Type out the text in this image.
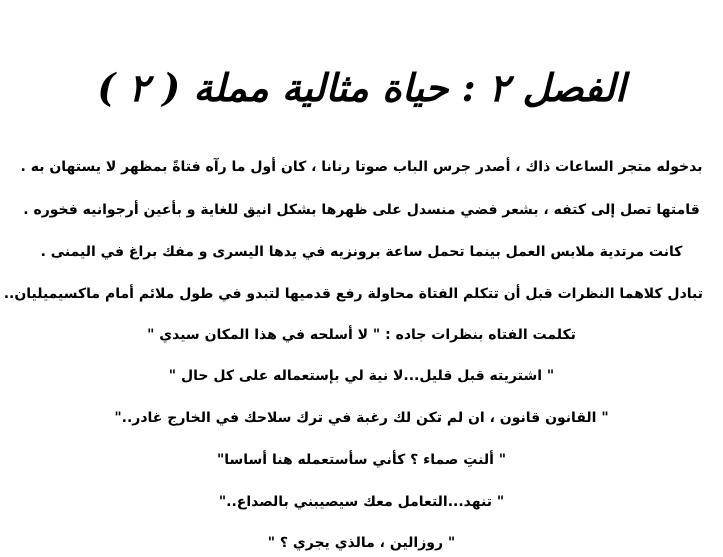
الفصل ٢ : حياة مثالية مملة ( ٢ )
بدخوله متجر الساعات ذاك ، أصدر جرس الباب صوتا رنانا ، كان أول ما رآه فتاةً بمظهر لا يستهان به .
قامتها تصل إلى كتفه ، بشعر فضي منسدل على ظهرها بشكل انيق للغاية و بأعين أرجوانيه فخوره .
كانت مرتدية ملابس العمل بينما تحمل ساعة برونزيه في يدها اليسرى و مفك براغ في اليمنى .
تبادل كلاهما النظرات قبل أن تتكلم الفتاة محاولة رفع قدميها لتبدو في طول ملائم أمام ماكسيميليان..
تكلمت الفتاه بنظرات جاده : " لا أسلحه في هذا المكان سيدي "
" اشتريته قبل قليل...لا نية لي بإستعماله على كل حال "
" القانون قانون ، ان لم تكن لك رغبة في ترك سلاحك في الخارج غادر.."
" ألنتِ صماء ؟ كأني سأستعمله هنا أساسا"
" تنهد...التعامل معك سيصيبني بالصداع.."
" روزالين ، مالذي يجري ؟ "
